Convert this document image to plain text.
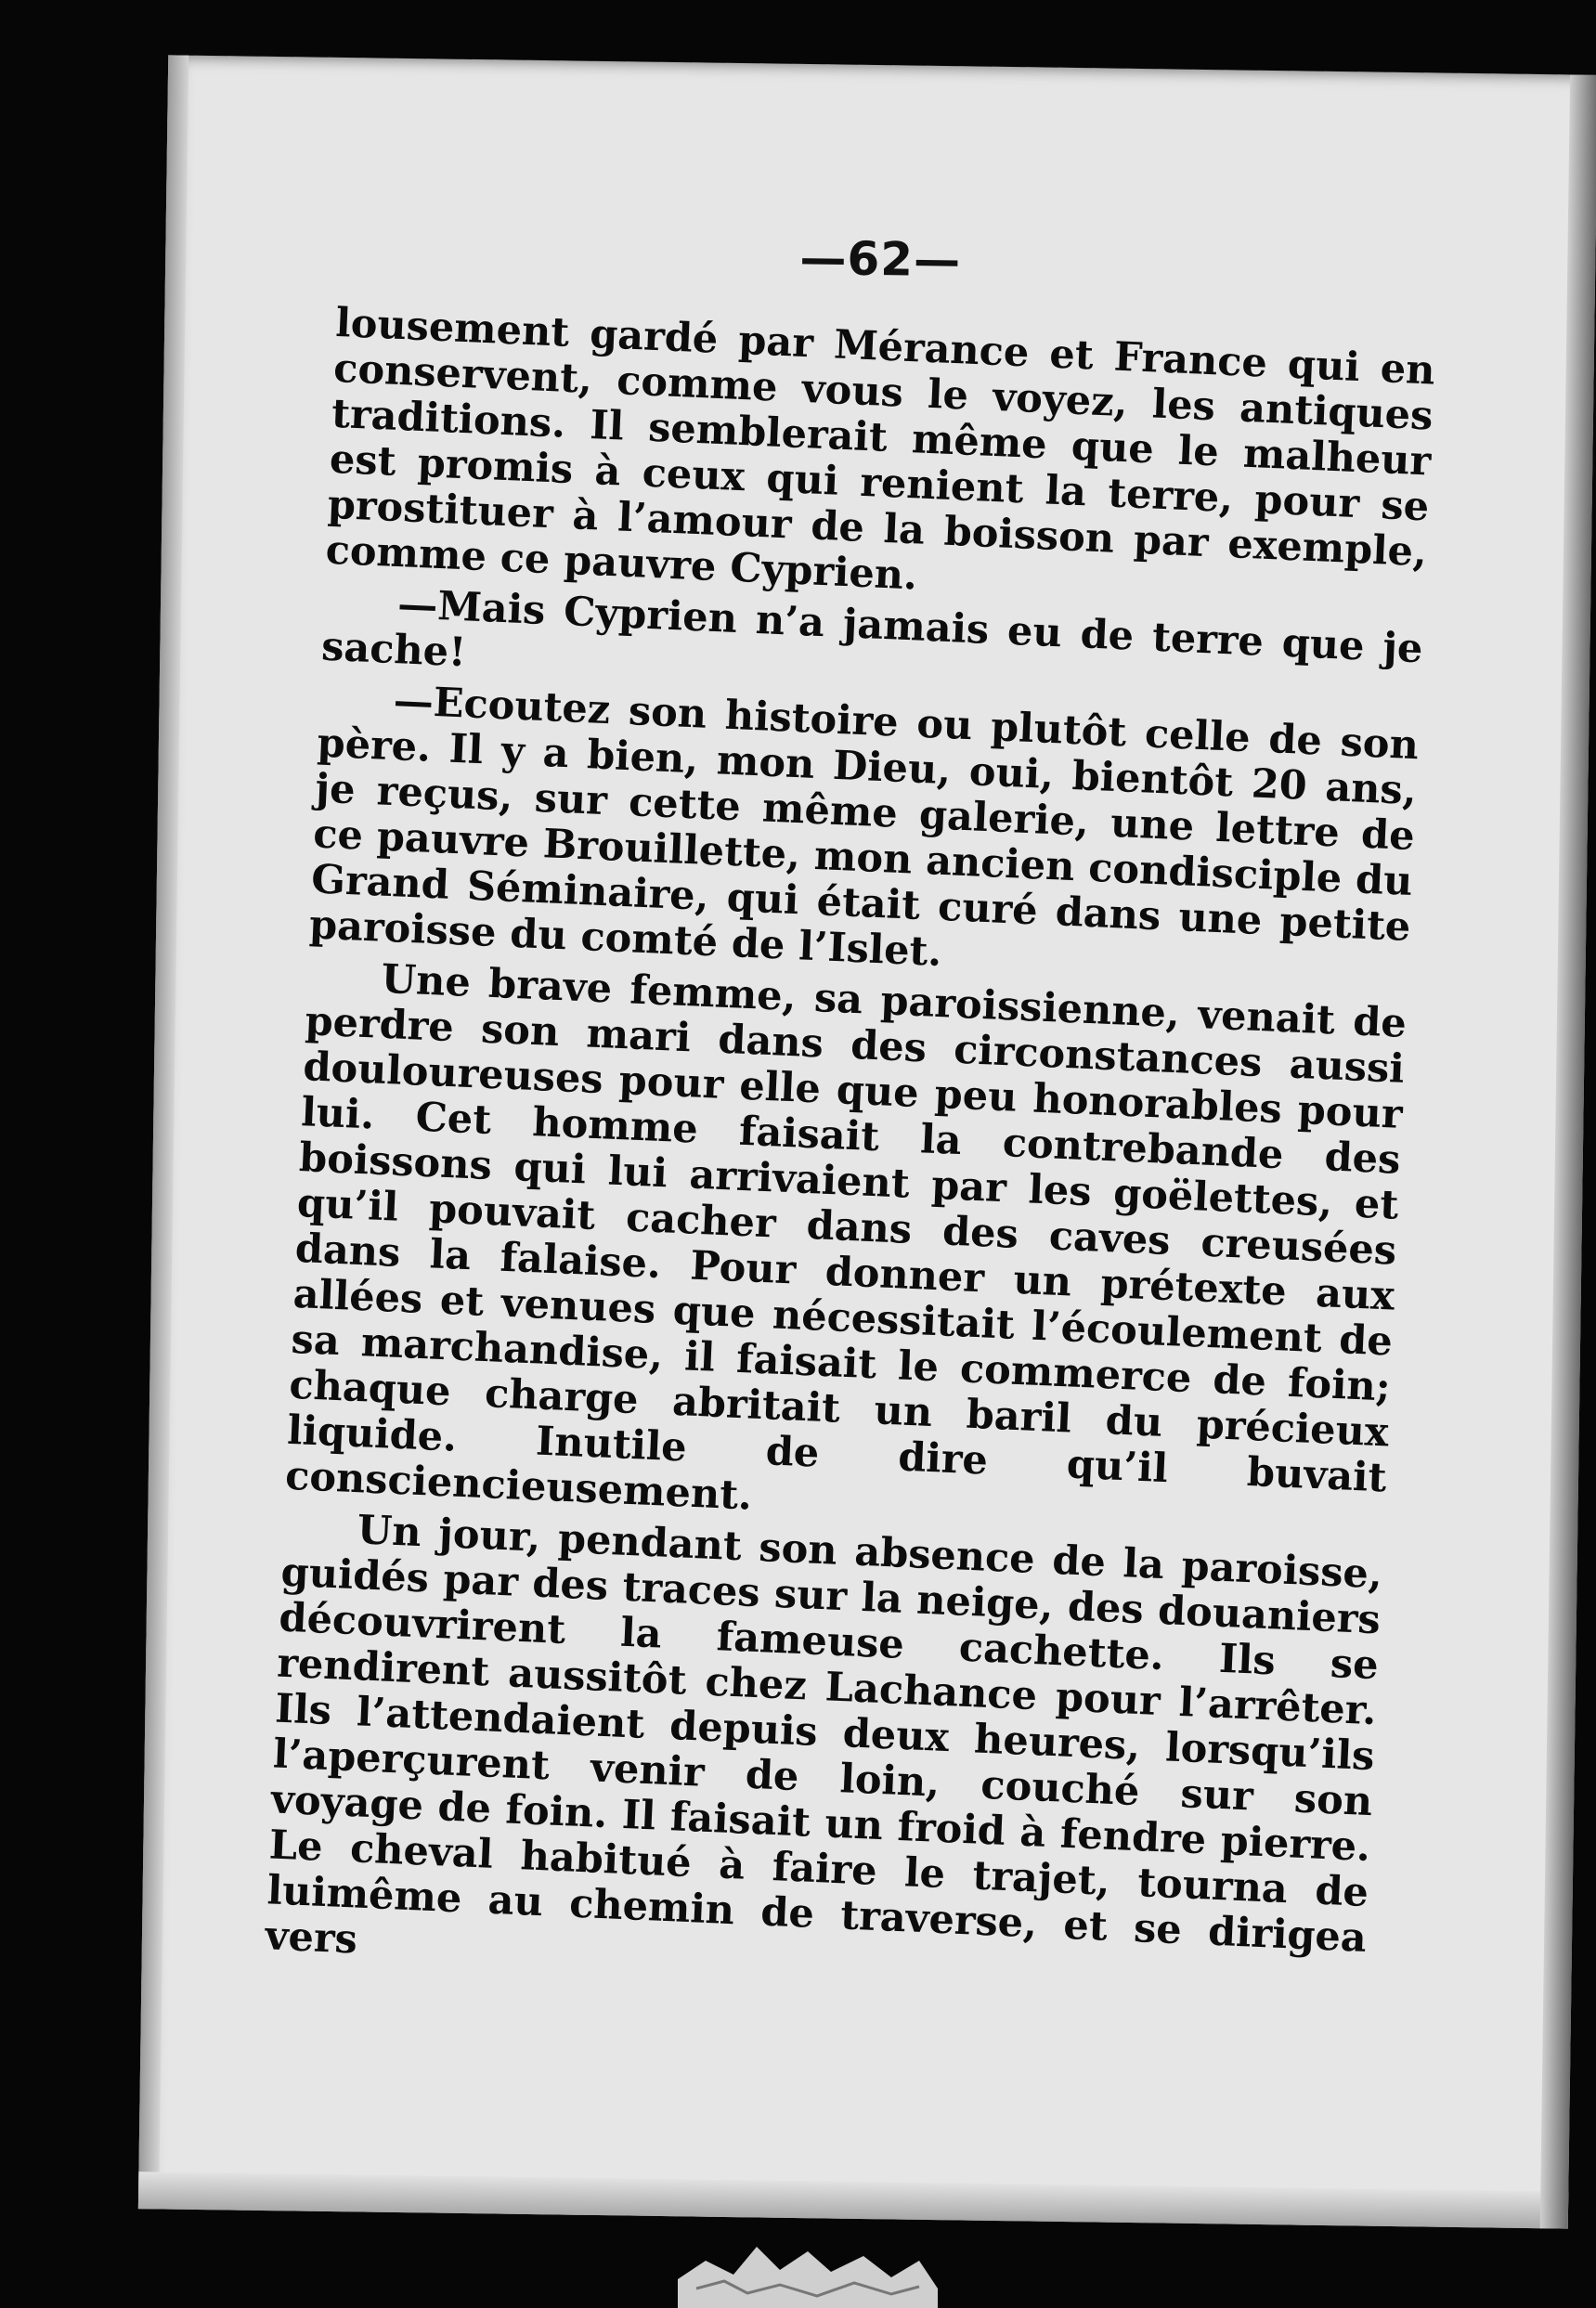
—62—

lousement gardé par Mérance et France qui en conservent, comme vous le voyez, les antiques traditions. Il semblerait même que le malheur est promis à ceux qui renient la terre, pour se prostituer à l’amour de la boisson par exemple, comme ce pauvre Cyprien.

—Mais Cyprien n’a jamais eu de terre que je sache!

—Ecoutez son histoire ou plutôt celle de son père. Il y a bien, mon Dieu, oui, bientôt 20 ans, je reçus, sur cette même galerie, une lettre de ce pauvre Brouillette, mon ancien condisciple du Grand Séminaire, qui était curé dans une petite paroisse du comté de l’Islet.

Une brave femme, sa paroissienne, venait de perdre son mari dans des circonstances aussi douloureuses pour elle que peu honorables pour lui. Cet homme faisait la contrebande des boissons qui lui arrivaient par les goëlettes, et qu’il pouvait cacher dans des caves creusées dans la falaise. Pour donner un prétexte aux allées et venues que nécessitait l’écoulement de sa marchandise, il faisait le commerce de foin; chaque charge abritait un baril du précieux liquide. Inutile de dire qu’il buvait consciencieusement.

Un jour, pendant son absence de la paroisse, guidés par des traces sur la neige, des douaniers découvrirent la fameuse cachette. Ils se rendirent aussitôt chez Lachance pour l’arrêter. Ils l’attendaient depuis deux heures, lorsqu’ils l’aperçurent venir de loin, couché sur son voyage de foin. Il faisait un froid à fendre pierre. Le cheval habitué à faire le trajet, tourna de luimême au chemin de traverse, et se dirigea vers
